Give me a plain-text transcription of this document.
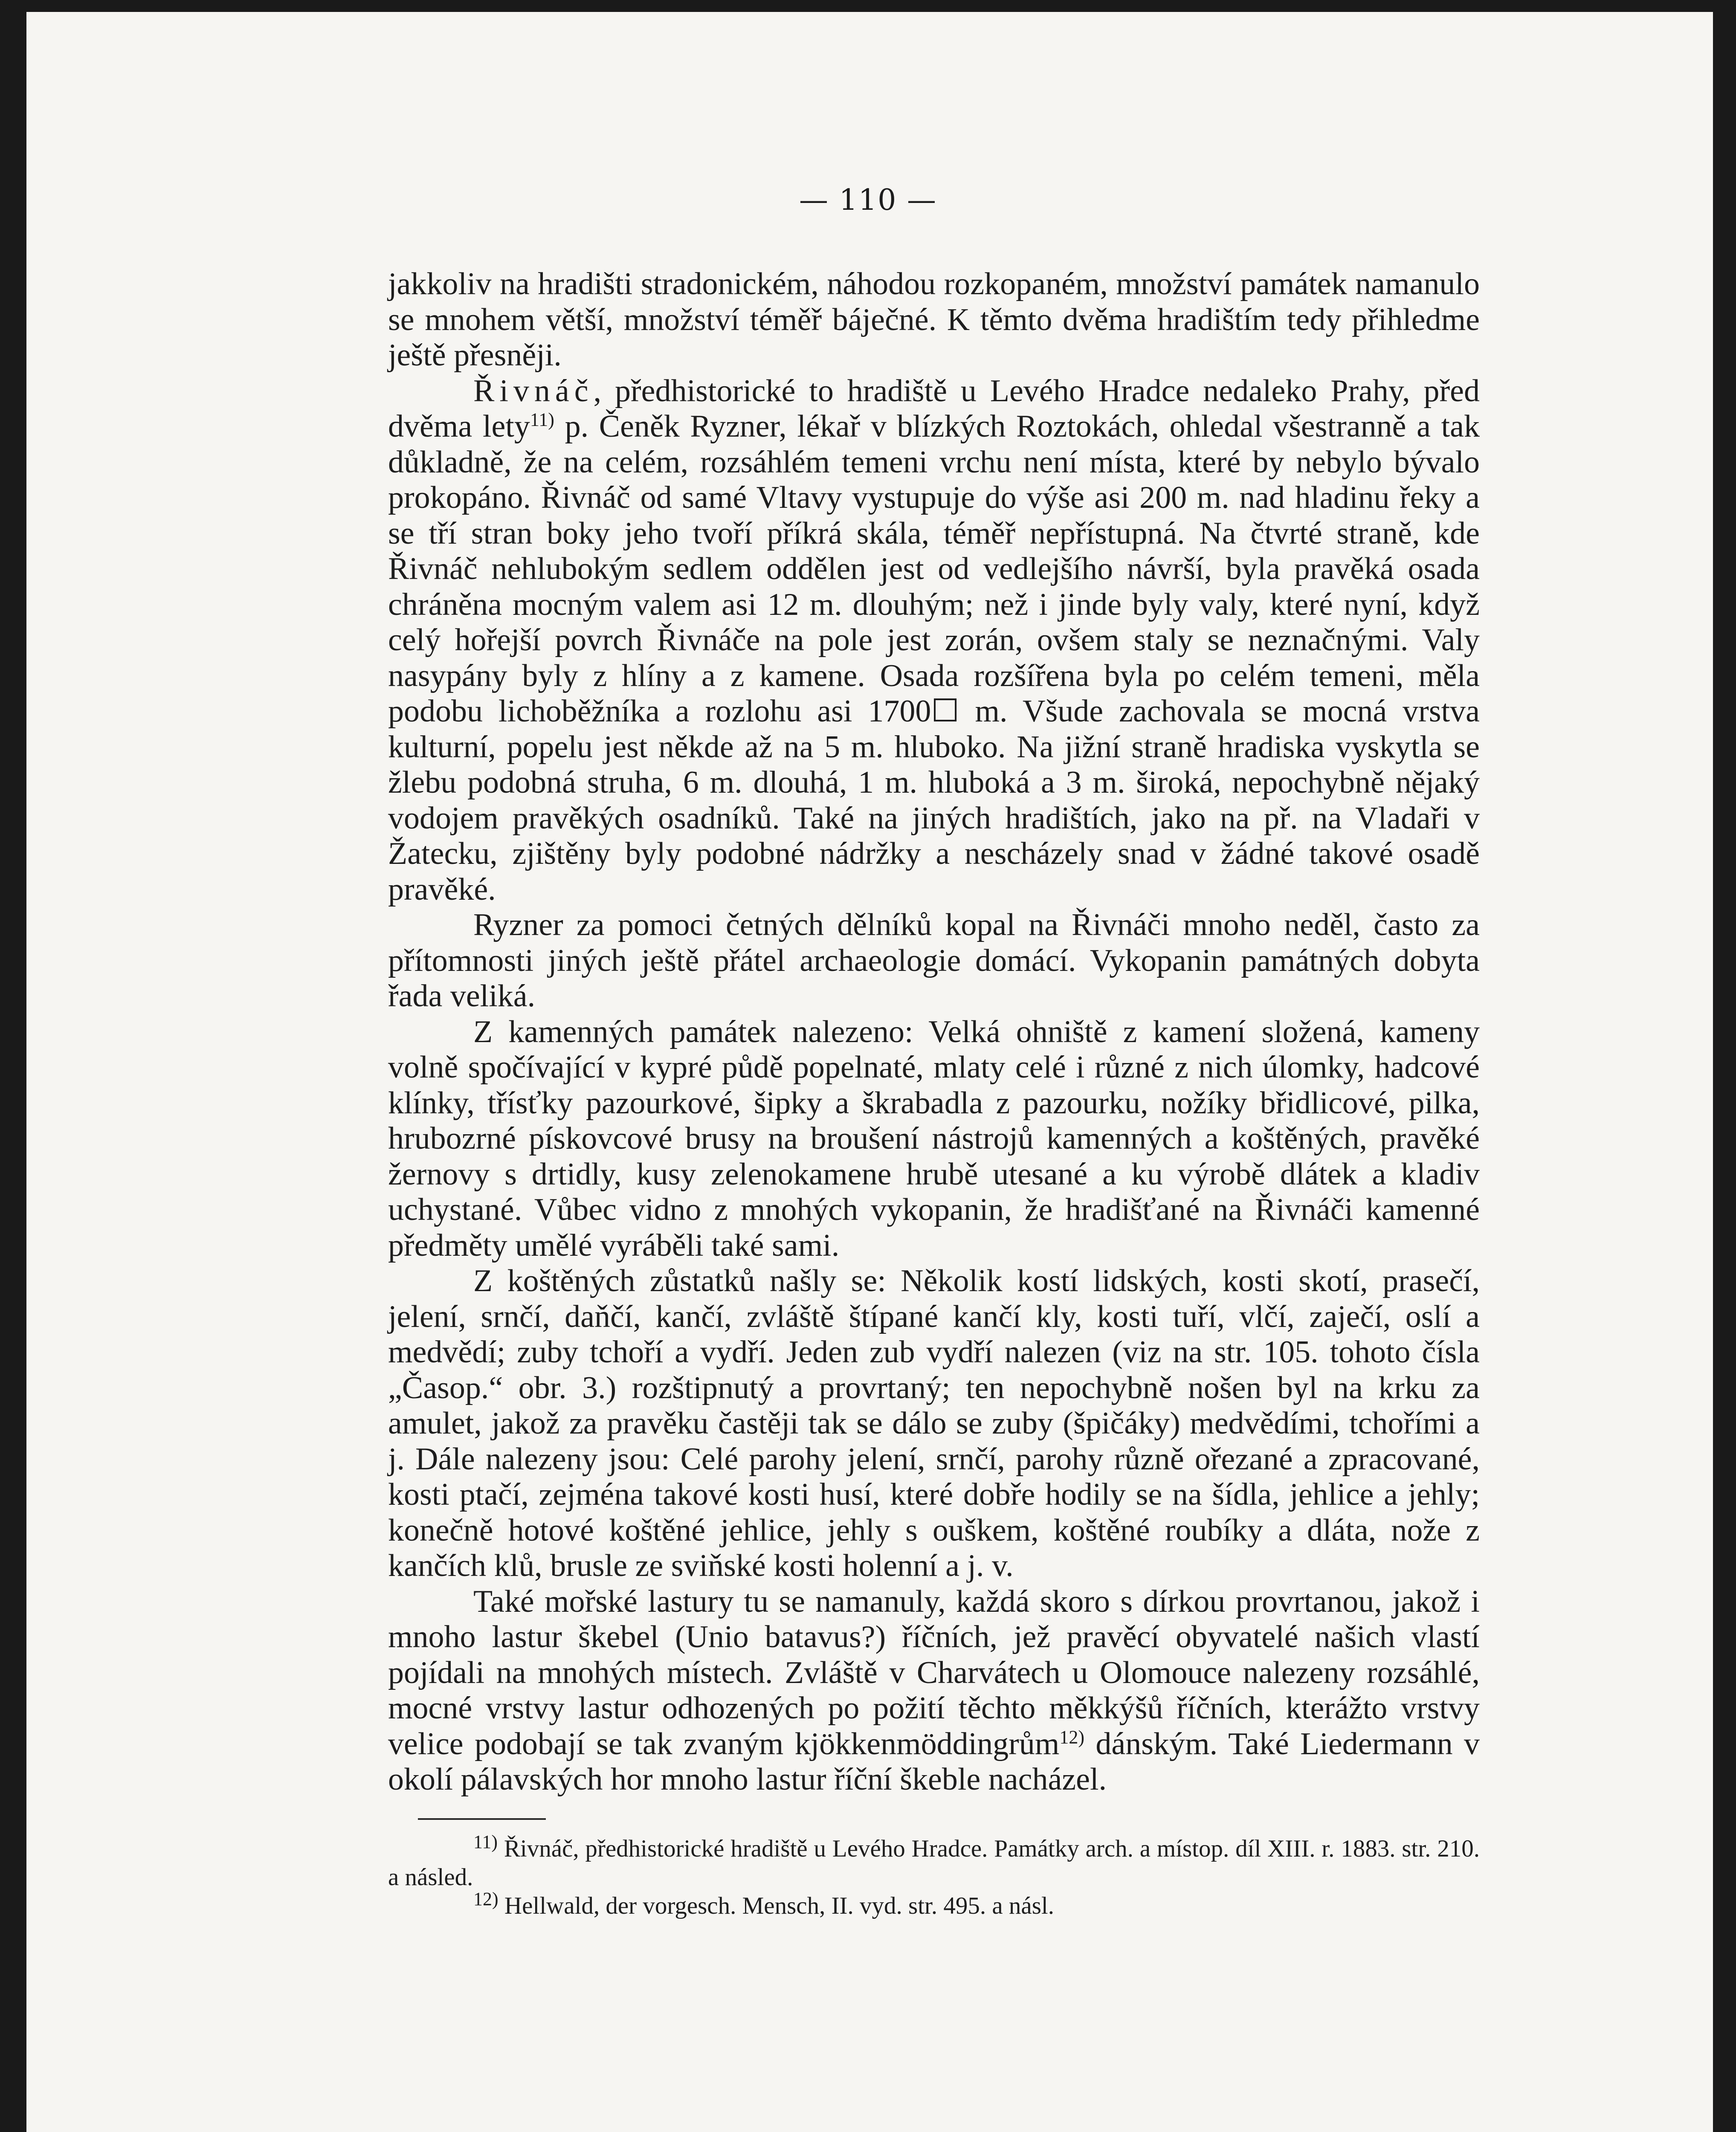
— 110 —

jakkoliv na hradišti stradonickém, náhodou rozkopaném, množství památek namanulo se mnohem větší, množství téměř báječné. K těmto dvěma hradištím tedy přihledme ještě přesněji.

Řivnáč, předhistorické to hradiště u Levého Hradce nedaleko Prahy, před dvěma lety$^{11)}$ p. Čeněk Ryzner, lékař v blízkých Roztokách, ohledal všestranně a tak důkladně, že na celém, rozsáhlém temeni vrchu není místa, které by nebylo bývalo prokopáno. Řivnáč od samé Vltavy vystupuje do výše asi 200 m. nad hladinu řeky a se tří stran boky jeho tvoří příkrá skála, téměř nepřístupná. Na čtvrté straně, kde Řivnáč nehlubokým sedlem oddělen jest od vedlejšího návrší, byla pravěká osada chráněna mocným valem asi 12 m. dlouhým; než i jinde byly valy, které nyní, když celý hořejší povrch Řivnáče na pole jest zorán, ovšem staly se neznačnými. Valy nasypány byly z hlíny a z kamene. Osada rozšířena byla po celém temeni, měla podobu lichoběžníka a rozlohu asi 1700☐ m. Všude zachovala se mocná vrstva kulturní, popelu jest někde až na 5 m. hluboko. Na jižní straně hradiska vyskytla se žlebu podobná struha, 6 m. dlouhá, 1 m. hluboká a 3 m. široká, nepochybně nějaký vodojem pravěkých osadníků. Také na jiných hradištích, jako na př. na Vladaři v Žatecku, zjištěny byly podobné nádržky a nescházely snad v žádné takové osadě pravěké.

Ryzner za pomoci četných dělníků kopal na Řivnáči mnoho neděl, často za přítomnosti jiných ještě přátel archaeologie domácí. Vykopanin památných dobyta řada veliká.

Z kamenných památek nalezeno: Velká ohniště z kamení složená, kameny volně spočívající v kypré půdě popelnaté, mlaty celé i různé z nich úlomky, hadcové klínky, třísťky pazourkové, šipky a škrabadla z pazourku, nožíky břidlicové, pilka, hrubozrné pískovcové brusy na broušení nástrojů kamenných a koštěných, pravěké žernovy s drtidly, kusy zelenokamene hrubě utesané a ku výrobě dlátek a kladiv uchystané. Vůbec vidno z mnohých vykopanin, že hradišťané na Řivnáči kamenné předměty umělé vyráběli také sami.

Z koštěných zůstatků našly se: Několik kostí lidských, kosti skotí, prasečí, jelení, srnčí, daňčí, kančí, zvláště štípané kančí kly, kosti tuří, vlčí, zaječí, oslí a medvědí; zuby tchoří a vydří. Jeden zub vydří nalezen (viz na str. 105. tohoto čísla „Časop.“ obr. 3.) rozštipnutý a provrtaný; ten nepochybně nošen byl na krku za amulet, jakož za pravěku častěji tak se dálo se zuby (špičáky) medvědími, tchořími a j. Dále nalezeny jsou: Celé parohy jelení, srnčí, parohy různě ořezané a zpracované, kosti ptačí, zejména takové kosti husí, které dobře hodily se na šídla, jehlice a jehly; konečně hotové koštěné jehlice, jehly s ouškem, koštěné roubíky a dláta, nože z kančích klů, brusle ze sviňské kosti holenní a j. v.

Také mořské lastury tu se namanuly, každá skoro s dírkou provrtanou, jakož i mnoho lastur škebel (Unio batavus?) říčních, jež pravěcí obyvatelé našich vlastí pojídali na mnohých místech. Zvláště v Charvátech u Olomouce nalezeny rozsáhlé, mocné vrstvy lastur odhozených po požití těchto měkkýšů říčních, kterážto vrstvy velice podobají se tak zvaným kjökkenmöddingrům$^{12)}$ dánským. Také Liedermann v okolí pálavských hor mnoho lastur říční škeble nacházel.

$^{11)}$ Řivnáč, předhistorické hradiště u Levého Hradce. Památky arch. a místop. díl XIII. r. 1883. str. 210. a násled.

$^{12)}$ Hellwald, der vorgesch. Mensch, II. vyd. str. 495. a násl.
